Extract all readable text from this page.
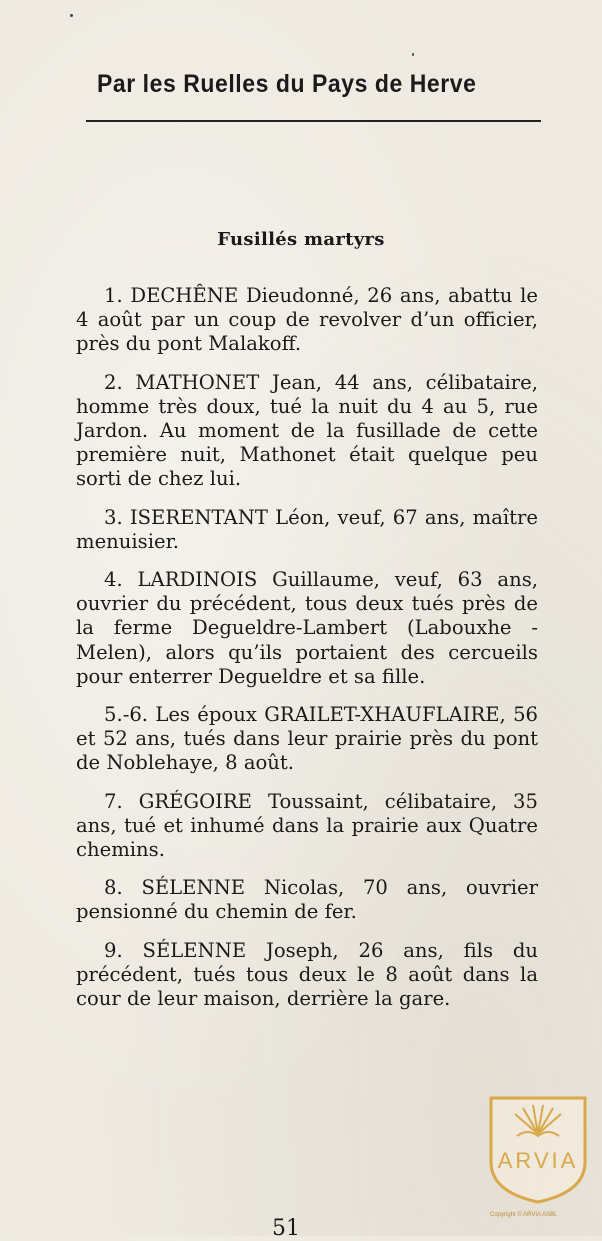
Par les Ruelles du Pays de Herve
Fusillés martyrs

1. DECHÊNE Dieudonné, 26 ans, abattu le 4 août par un coup de revolver d’un officier, près du pont Malakoff.

2. MATHONET Jean, 44 ans, célibataire, homme très doux, tué la nuit du 4 au 5, rue Jardon. Au moment de la fusillade de cette première nuit, Mathonet était quelque peu sorti de chez lui.

3. ISERENTANT Léon, veuf, 67 ans, maître menuisier.

4. LARDINOIS Guillaume, veuf, 63 ans, ouvrier du précédent, tous deux tués près de la ferme Degueldre-Lambert (Labouxhe - Melen), alors qu’ils portaient des cercueils pour enterrer Degueldre et sa fille.

5.-6. Les époux GRAILET-XHAUFLAIRE, 56 et 52 ans, tués dans leur prairie près du pont de Noblehaye, 8 août.

7. GRÉGOIRE Toussaint, célibataire, 35 ans, tué et inhumé dans la prairie aux Quatre chemins.

8. SÉLENNE Nicolas, 70 ans, ouvrier pensionné du chemin de fer.

9. SÉLENNE Joseph, 26 ans, fils du précédent, tués tous deux le 8 août dans la cour de leur maison, derrière la gare.

51
ARVIA
Copyright © ARVIA ASBL
